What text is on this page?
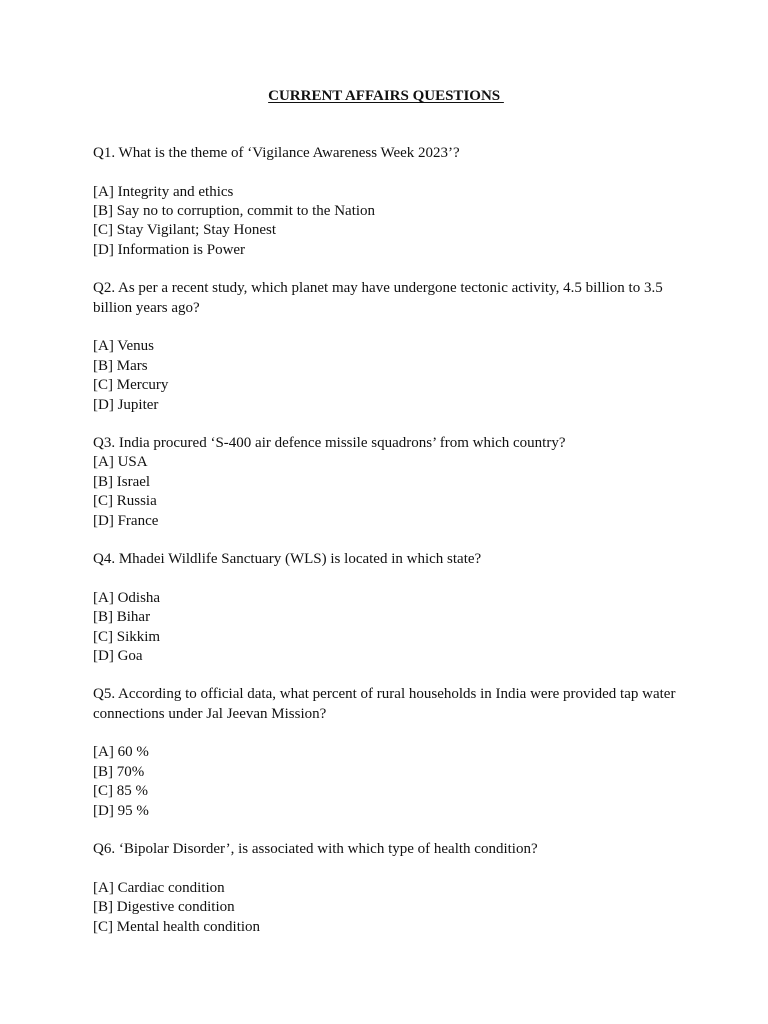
CURRENT AFFAIRS QUESTIONS

Q1. What is the theme of ‘Vigilance Awareness Week 2023’?

[A] Integrity and ethics

[B] Say no to corruption, commit to the Nation

[C] Stay Vigilant; Stay Honest

[D] Information is Power

Q2. As per a recent study, which planet may have undergone tectonic activity, 4.5 billion to 3.5 billion years ago?

[A] Venus

[B] Mars

[C] Mercury

[D] Jupiter

Q3. India procured ‘S-400 air defence missile squadrons’ from which country?

[A] USA

[B] Israel

[C] Russia

[D] France

Q4. Mhadei Wildlife Sanctuary (WLS) is located in which state?

[A] Odisha

[B] Bihar

[C] Sikkim

[D] Goa

Q5. According to official data, what percent of rural households in India were provided tap water connections under Jal Jeevan Mission?

[A] 60 %

[B] 70%

[C] 85 %

[D] 95 %

Q6. ‘Bipolar Disorder’, is associated with which type of health condition?

[A] Cardiac condition

[B] Digestive condition

[C] Mental health condition
